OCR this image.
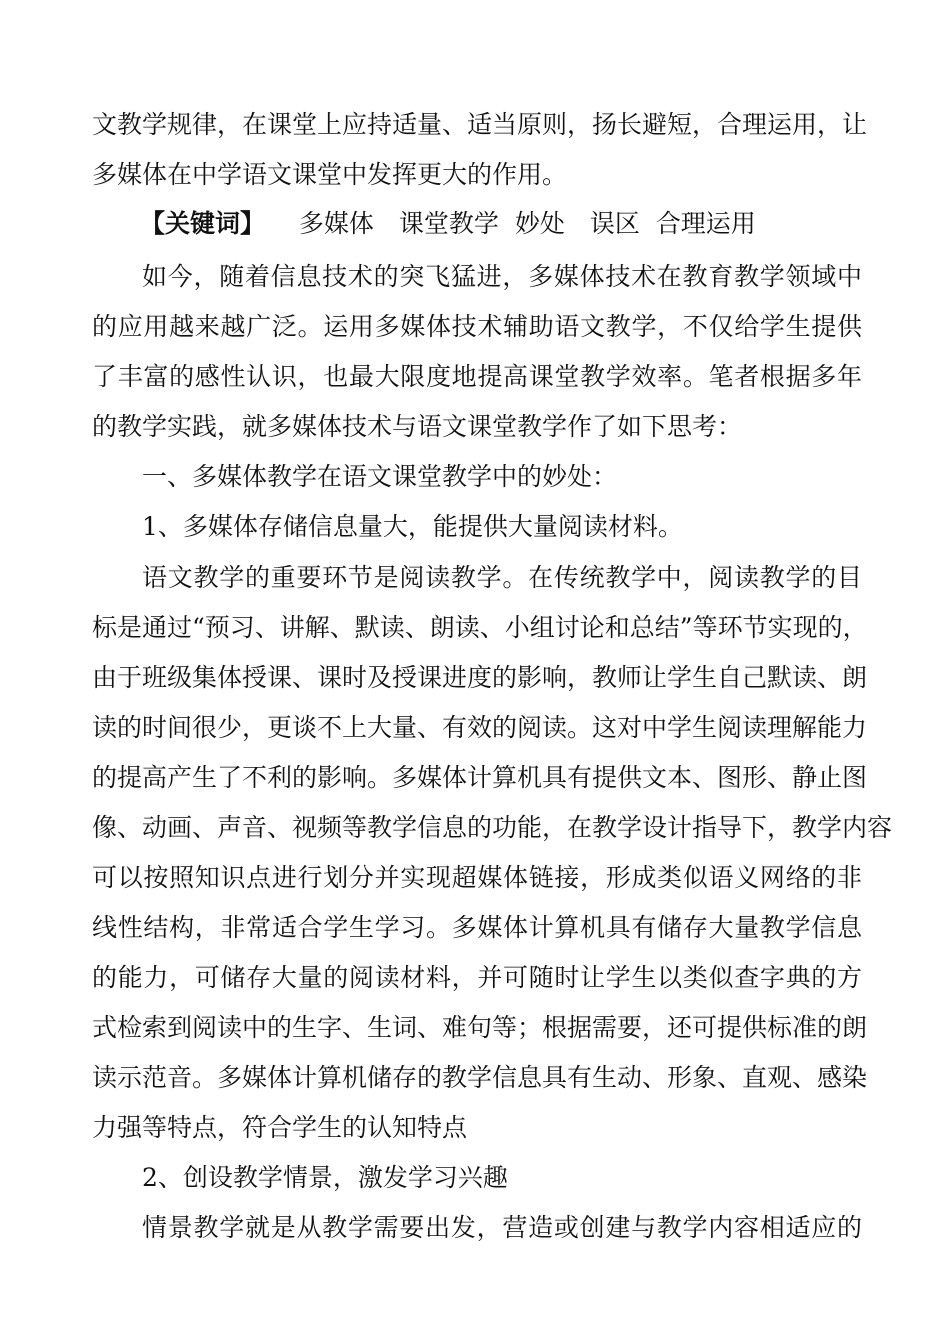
文教学规律，在课堂上应持适量、适当原则，扬长避短，合理运用，让
多媒体在中学语文课堂中发挥更大的作用。
【关键词】 多媒体　课堂教学  妙处　误区  合理运用
如今，随着信息技术的突飞猛进，多媒体技术在教育教学领域中
的应用越来越广泛。运用多媒体技术辅助语文教学，不仅给学生提供
了丰富的感性认识，也最大限度地提高课堂教学效率。笔者根据多年
的教学实践，就多媒体技术与语文课堂教学作了如下思考：
一、多媒体教学在语文课堂教学中的妙处：
1、多媒体存储信息量大，能提供大量阅读材料。
语文教学的重要环节是阅读教学。在传统教学中，阅读教学的目
标是通过“预习、讲解、默读、朗读、小组讨论和总结”等环节实现的，
由于班级集体授课、课时及授课进度的影响，教师让学生自己默读、朗
读的时间很少，更谈不上大量、有效的阅读。这对中学生阅读理解能力
的提高产生了不利的影响。多媒体计算机具有提供文本、图形、静止图
像、动画、声音、视频等教学信息的功能，在教学设计指导下，教学内容
可以按照知识点进行划分并实现超媒体链接，形成类似语义网络的非
线性结构，非常适合学生学习。多媒体计算机具有储存大量教学信息
的能力，可储存大量的阅读材料，并可随时让学生以类似查字典的方
式检索到阅读中的生字、生词、难句等；根据需要，还可提供标准的朗
读示范音。多媒体计算机储存的教学信息具有生动、形象、直观、感染
力强等特点，符合学生的认知特点
2、创设教学情景，激发学习兴趣
情景教学就是从教学需要出发，营造或创建与教学内容相适应的
